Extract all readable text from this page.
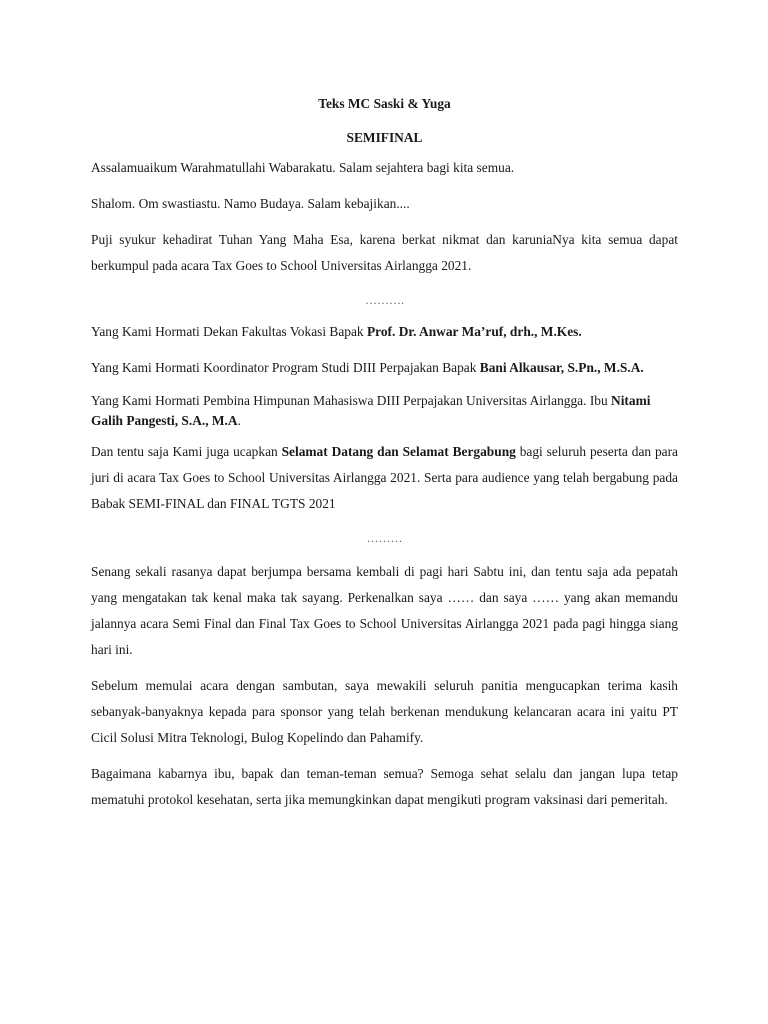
Teks MC Saski & Yuga

SEMIFINAL

Assalamuaikum Warahmatullahi Wabarakatu. Salam sejahtera bagi kita semua.

Shalom. Om swastiastu. Namo Budaya. Salam kebajikan....

Puji syukur kehadirat Tuhan Yang Maha Esa, karena berkat nikmat dan karuniaNya kita semua dapat berkumpul pada acara Tax Goes to School Universitas Airlangga 2021.

……….

Yang Kami Hormati Dekan Fakultas Vokasi Bapak Prof. Dr. Anwar Ma’ruf, drh., M.Kes.

Yang Kami Hormati Koordinator Program Studi DIII Perpajakan Bapak Bani Alkausar, S.Pn., M.S.A.

Yang Kami Hormati Pembina Himpunan Mahasiswa DIII Perpajakan Universitas Airlangga. Ibu Nitami Galih Pangesti, S.A., M.A.

Dan tentu saja Kami juga ucapkan Selamat Datang dan Selamat Bergabung bagi seluruh peserta dan para juri di acara Tax Goes to School Universitas Airlangga 2021. Serta para audience yang telah bergabung pada Babak SEMI-FINAL dan FINAL TGTS 2021

………

Senang sekali rasanya dapat berjumpa bersama kembali di pagi hari Sabtu ini, dan tentu saja ada pepatah yang mengatakan tak kenal maka tak sayang. Perkenalkan saya …… dan saya …… yang akan memandu jalannya acara Semi Final dan Final Tax Goes to School Universitas Airlangga 2021 pada pagi hingga siang hari ini.

Sebelum memulai acara dengan sambutan, saya mewakili seluruh panitia mengucapkan terima kasih sebanyak-banyaknya kepada para sponsor yang telah berkenan mendukung kelancaran acara ini yaitu PT Cicil Solusi Mitra Teknologi, Bulog Kopelindo dan Pahamify.

Bagaimana kabarnya ibu, bapak dan teman-teman semua? Semoga sehat selalu dan jangan lupa tetap mematuhi protokol kesehatan, serta jika memungkinkan dapat mengikuti program vaksinasi dari pemeritah.
